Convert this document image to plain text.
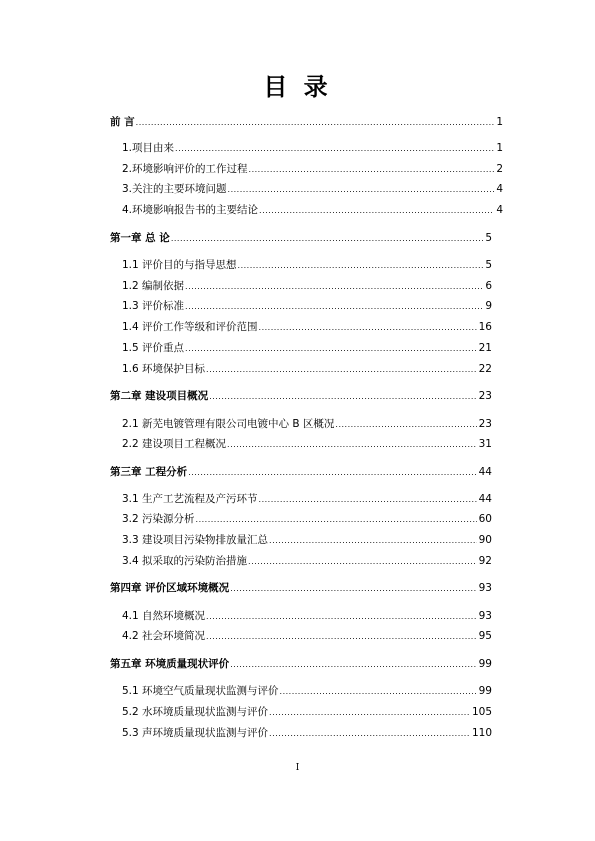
目 录
前 言 .....	1
1.项目由来 .....	1
2.环境影响评价的工作过程 .....	2
3.关注的主要环境问题 .....	4
4.环境影响报告书的主要结论 .....	4
第一章 总 论 .....	5
1.1 评价目的与指导思想 .....	5
1.2 编制依据 .....	6
1.3 评价标准 .....	9
1.4 评价工作等级和评价范围 .....	16
1.5 评价重点 .....	21
1.6 环境保护目标 .....	22
第二章 建设项目概况 .....	23
2.1 新芜电镀管理有限公司电镀中心 B 区概况 .....	23
2.2 建设项目工程概况 .....	31
第三章 工程分析 .....	44
3.1 生产工艺流程及产污环节 .....	44
3.2 污染源分析 .....	60
3.3 建设项目污染物排放量汇总 .....	90
3.4 拟采取的污染防治措施 .....	92
第四章 评价区域环境概况 .....	93
4.1 自然环境概况 .....	93
4.2 社会环境简况 .....	95
第五章 环境质量现状评价 .....	99
5.1 环境空气质量现状监测与评价 .....	99
5.2 水环境质量现状监测与评价 .....	105
5.3 声环境质量现状监测与评价 .....	110
I
